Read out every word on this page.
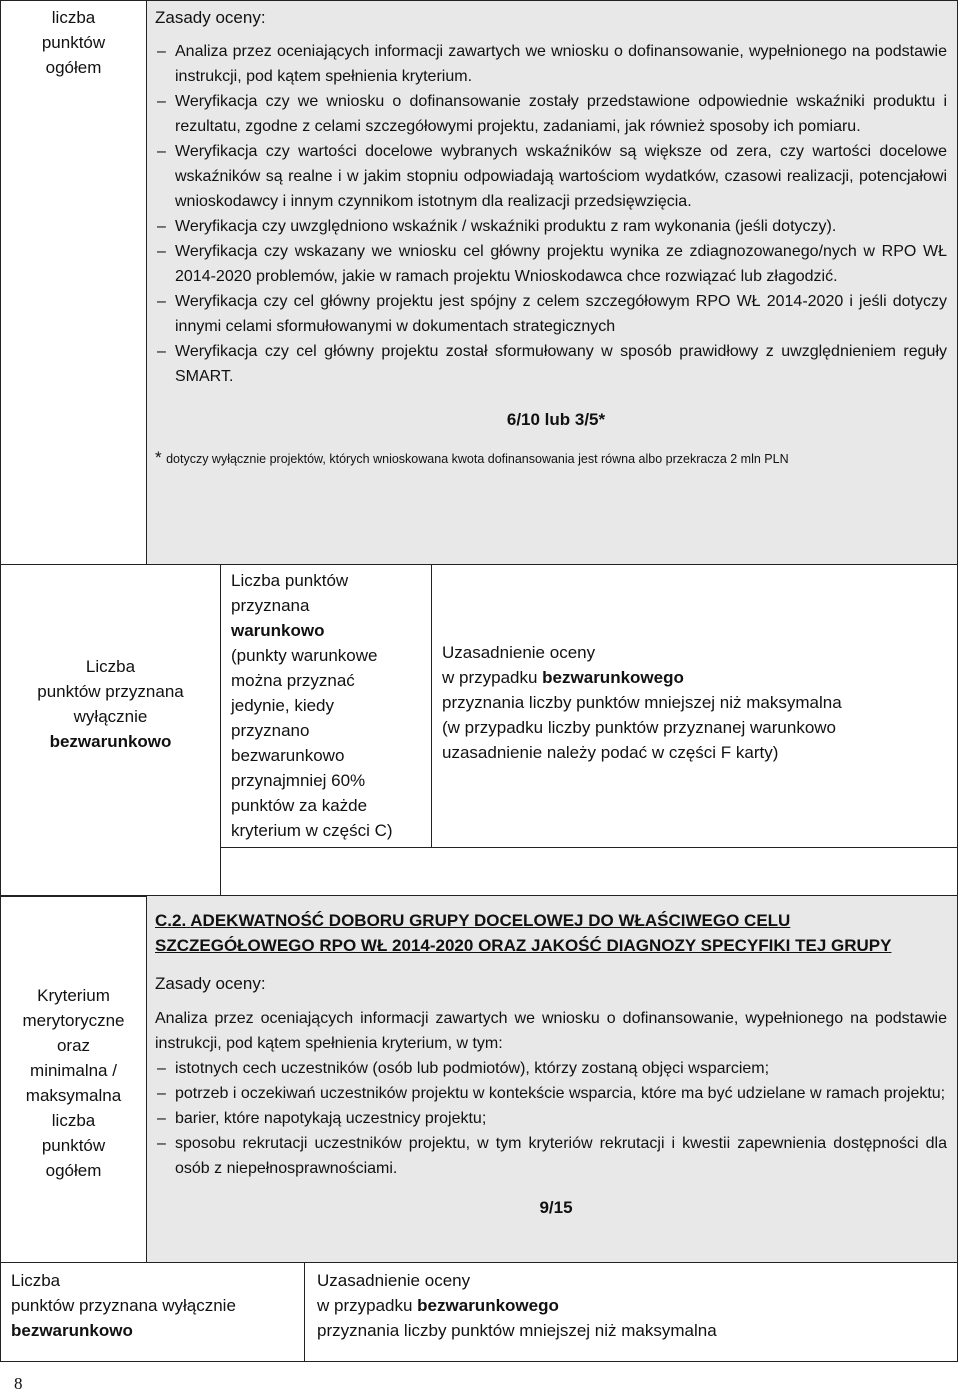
liczba
punktów
ogółem
Zasady oceny:
– Analiza przez oceniających informacji zawartych we wniosku o dofinansowanie, wypełnionego na podstawie instrukcji, pod kątem spełnienia kryterium.
– Weryfikacja czy we wniosku o dofinansowanie zostały przedstawione odpowiednie wskaźniki produktu i rezultatu, zgodne z celami szczegółowymi projektu, zadaniami, jak również sposoby ich pomiaru.
– Weryfikacja czy wartości docelowe wybranych wskaźników są większe od zera, czy wartości docelowe wskaźników są realne i w jakim stopniu odpowiadają wartościom wydatków, czasowi realizacji, potencjałowi wnioskodawcy i innym czynnikom istotnym dla realizacji przedsięwzięcia.
– Weryfikacja czy uwzględniono wskaźnik / wskaźniki produktu z ram wykonania (jeśli dotyczy).
– Weryfikacja czy wskazany we wniosku cel główny projektu wynika ze zdiagnozowanego/nych w RPO WŁ 2014-2020 problemów, jakie w ramach projektu Wnioskodawca chce rozwiązać lub złagodzić.
– Weryfikacja czy cel główny projektu jest spójny z celem szczegółowym RPO WŁ 2014-2020 i jeśli dotyczy innymi celami sformułowanymi w dokumentach strategicznych
– Weryfikacja czy cel główny projektu został sformułowany w sposób prawidłowy z uwzględnieniem reguły SMART.
6/10 lub 3/5*
* dotyczy wyłącznie projektów, których wnioskowana kwota dofinansowania jest równa albo przekracza 2 mln PLN
Liczba
punktów przyznana
wyłącznie
bezwarunkowo
Liczba punktów
przyznana
warunkowo
(punkty warunkowe
można przyznać
jedynie, kiedy
przyznano
bezwarunkowo
przynajmniej 60%
punktów za każde
kryterium w części C)
Uzasadnienie oceny
w przypadku bezwarunkowego
przyznania liczby punktów mniejszej niż maksymalna
(w przypadku liczby punktów przyznanej warunkowo
uzasadnienie należy podać w części F karty)
Kryterium
merytoryczne
oraz
minimalna /
maksymalna
liczba
punktów
ogółem
C.2. ADEKWATNOŚĆ DOBORU GRUPY DOCELOWEJ DO WŁAŚCIWEGO CELU
SZCZEGÓŁOWEGO RPO WŁ 2014-2020 ORAZ JAKOŚĆ DIAGNOZY SPECYFIKI TEJ GRUPY
Zasady oceny:
Analiza przez oceniających informacji zawartych we wniosku o dofinansowanie, wypełnionego na podstawie instrukcji, pod kątem spełnienia kryterium, w tym:
– istotnych cech uczestników (osób lub podmiotów), którzy zostaną objęci wsparciem;
– potrzeb i oczekiwań uczestników projektu w kontekście wsparcia, które ma być udzielane w ramach projektu;
– barier, które napotykają uczestnicy projektu;
– sposobu rekrutacji uczestników projektu, w tym kryteriów rekrutacji i kwestii zapewnienia dostępności dla osób z niepełnosprawnościami.
9/15
Liczba
punktów przyznana wyłącznie
bezwarunkowo
Uzasadnienie oceny
w przypadku bezwarunkowego
przyznania liczby punktów mniejszej niż maksymalna
8
